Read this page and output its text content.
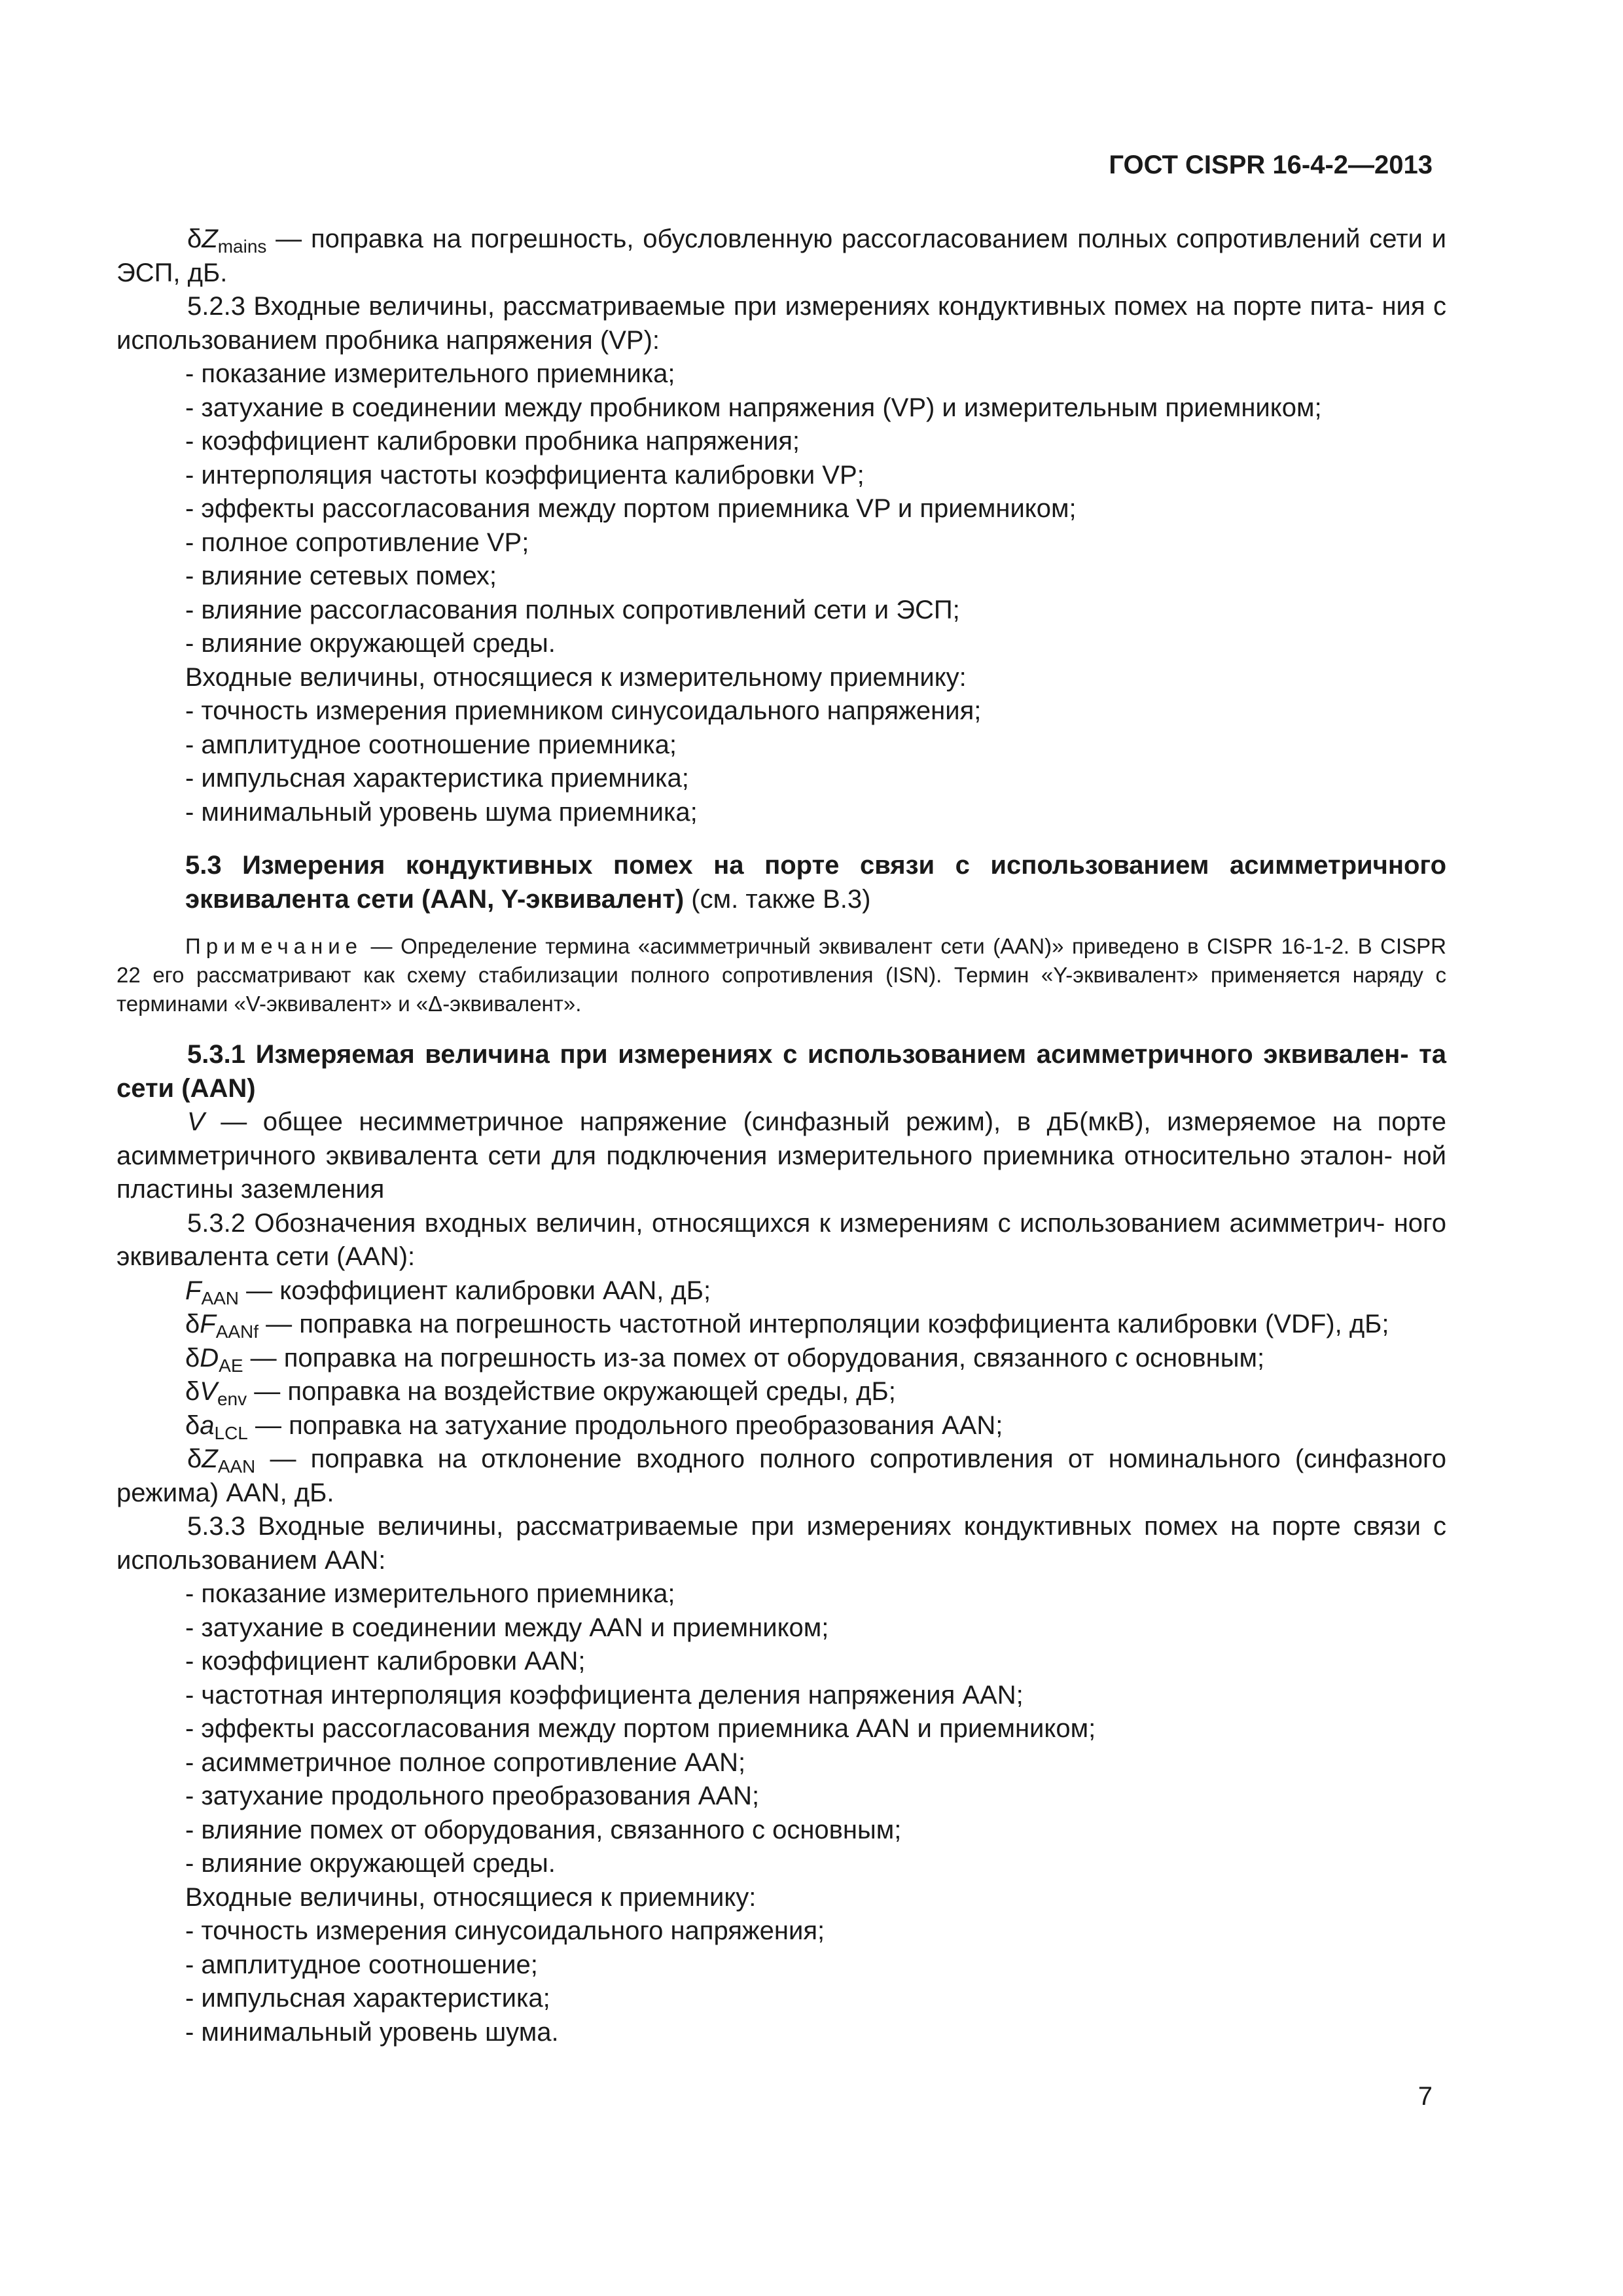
ГОСТ CISPR 16-4-2—2013

$\delta Z_{mains}$ — поправка на погрешность, обусловленную рассогласованием полных сопротивлений сети и ЭСП, дБ.

5.2.3 Входные величины, рассматриваемые при измерениях кондуктивных помех на порте пита- ния с использованием пробника напряжения (VP):

- показание измерительного приемника;

- затухание в соединении между пробником напряжения (VP) и измерительным приемником;

- коэффициент калибровки пробника напряжения;

- интерполяция частоты коэффициента калибровки VP;

- эффекты рассогласования между портом приемника VP и приемником;

- полное сопротивление VP;

- влияние сетевых помех;

- влияние рассогласования полных сопротивлений сети и ЭСП;

- влияние окружающей среды.

Входные величины, относящиеся к измерительному приемнику:

- точность измерения приемником синусоидального напряжения;

- амплитудное соотношение приемника;

- импульсная характеристика приемника;

- минимальный уровень шума приемника;

5.3 Измерения кондуктивных помех на порте связи с использованием асимметричного эквивалента сети (AAN, Y-эквивалент) (см. также В.3)

Примечание — Определение термина «асимметричный эквивалент сети (AAN)» приведено в CISPR 16-1-2. В CISPR 22 его рассматривают как схему стабилизации полного сопротивления (ISN). Термин «Y-эквивалент» применяется наряду с терминами «V-эквивалент» и «Δ-эквивалент».

5.3.1 Измеряемая величина при измерениях с использованием асимметричного эквивален- та сети (AAN)

V — общее несимметричное напряжение (синфазный режим), в дБ(мкВ), измеряемое на порте асимметричного эквивалента сети для подключения измерительного приемника относительно эталон- ной пластины заземления

5.3.2 Обозначения входных величин, относящихся к измерениям с использованием асимметрич- ного эквивалента сети (AAN):

$F_{AAN}$ — коэффициент калибровки AAN, дБ;

$\delta F_{AANf}$ — поправка на погрешность частотной интерполяции коэффициента калибровки (VDF), дБ;

$\delta D_{AE}$ — поправка на погрешность из-за помех от оборудования, связанного с основным;

$\delta V_{env}$ — поправка на воздействие окружающей среды, дБ;

$\delta a_{LCL}$ — поправка на затухание продольного преобразования AAN;

$\delta Z_{AAN}$ — поправка на отклонение входного полного сопротивления от номинального (синфазного режима) AAN, дБ.

5.3.3 Входные величины, рассматриваемые при измерениях кондуктивных помех на порте связи с использованием AAN:

- показание измерительного приемника;

- затухание в соединении между AAN и приемником;

- коэффициент калибровки AAN;

- частотная интерполяция коэффициента деления напряжения AAN;

- эффекты рассогласования между портом приемника AAN и приемником;

- асимметричное полное сопротивление AAN;

- затухание продольного преобразования AAN;

- влияние помех от оборудования, связанного с основным;

- влияние окружающей среды.

Входные величины, относящиеся к приемнику:

- точность измерения синусоидального напряжения;

- амплитудное соотношение;

- импульсная характеристика;

- минимальный уровень шума.

7
